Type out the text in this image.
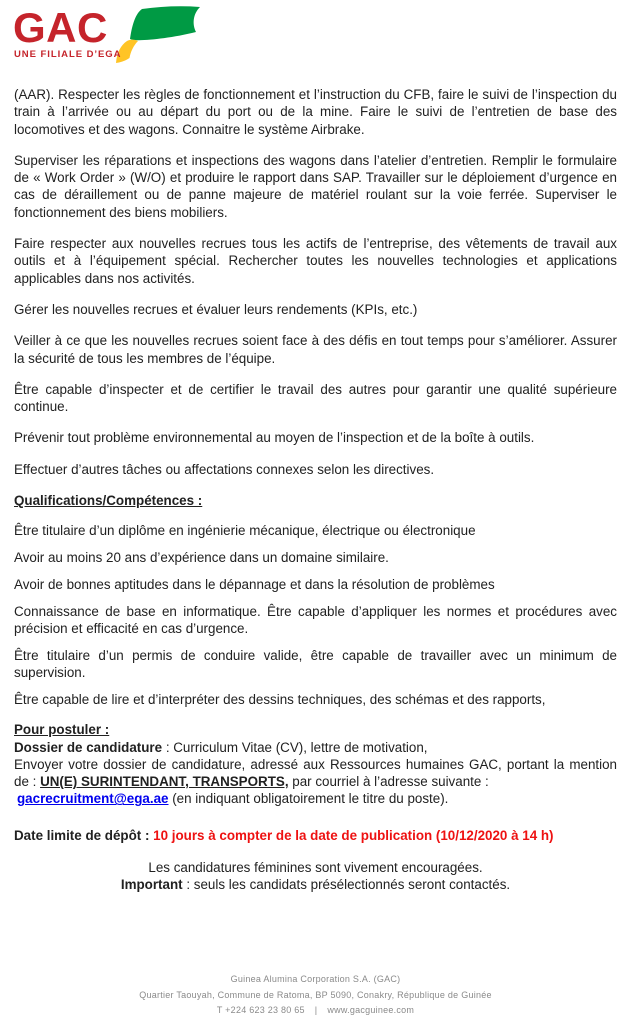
GAC
UNE FILIALE D’EGA

(AAR). Respecter les règles de fonctionnement et l’instruction du CFB, faire le suivi de l’inspection du train à l’arrivée ou au départ du port ou de la mine. Faire le suivi de l’entretien de base des locomotives et des wagons. Connaitre le système Airbrake.

Superviser les réparations et inspections des wagons dans l’atelier d’entretien. Remplir le formulaire de « Work Order » (W/O) et produire le rapport dans SAP. Travailler sur le déploiement d’urgence en cas de déraillement ou de panne majeure de matériel roulant sur la voie ferrée. Superviser le fonctionnement des biens mobiliers.

Faire respecter aux nouvelles recrues tous les actifs de l’entreprise, des vêtements de travail aux outils et à l’équipement spécial. Rechercher toutes les nouvelles technologies et applications applicables dans nos activités.

Gérer les nouvelles recrues et évaluer leurs rendements (KPIs, etc.)

Veiller à ce que les nouvelles recrues soient face à des défis en tout temps pour s’améliorer. Assurer la sécurité de tous les membres de l’équipe.

Être capable d’inspecter et de certifier le travail des autres pour garantir une qualité supérieure continue.

Prévenir tout problème environnemental au moyen de l’inspection et de la boîte à outils.

Effectuer d’autres tâches ou affectations connexes selon les directives.

Qualifications/Compétences :

Être titulaire d’un diplôme en ingénierie mécanique, électrique ou électronique

Avoir au moins 20 ans d’expérience dans un domaine similaire.

Avoir de bonnes aptitudes dans le dépannage et dans la résolution de problèmes

Connaissance de base en informatique. Être capable d’appliquer les normes et procédures avec précision et efficacité en cas d’urgence.

Être titulaire d’un permis de conduire valide, être capable de travailler avec un minimum de supervision.

Être capable de lire et d’interpréter des dessins techniques, des schémas et des rapports,

Pour postuler :
Dossier de candidature : Curriculum Vitae (CV), lettre de motivation,
Envoyer votre dossier de candidature, adressé aux Ressources humaines GAC, portant la mention de : UN(E) SURINTENDANT, TRANSPORTS, par courriel à l’adresse suivante :
gacrecruitment@ega.ae (en indiquant obligatoirement le titre du poste).
Date limite de dépôt : 10 jours à compter de la date de publication (10/12/2020 à 14 h)
Les candidatures féminines sont vivement encouragées.
Important : seuls les candidats présélectionnés seront contactés.
Guinea Alumina Corporation S.A. (GAC)
Quartier Taouyah, Commune de Ratoma, BP 5090, Conakry, République de Guinée
T +224 623 23 80 65 | www.gacguinee.com
